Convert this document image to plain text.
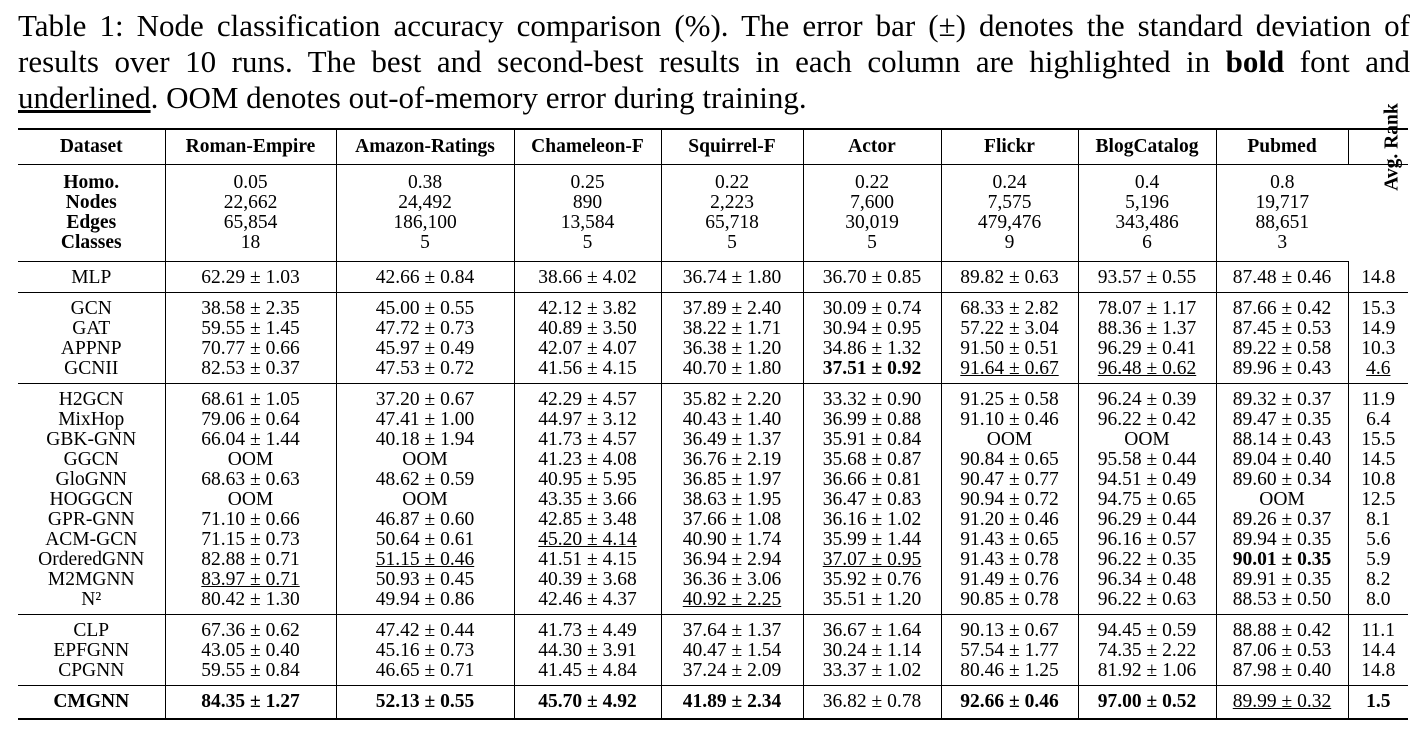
Table 1: Node classification accuracy comparison (%). The error bar (±) denotes the standard deviation of results over 10 runs. The best and second-best results in each column are highlighted in bold font and underlined. OOM denotes out-of-memory error during training.
Dataset	Roman-Empire	Amazon-Ratings	Chameleon-F	Squirrel-F	Actor	Flickr	BlogCatalog	Pubmed	Avg. Rank
Homo.	0.05	0.38	0.25	0.22	0.22	0.24	0.4	0.8	
Nodes	22,662	24,492	890	2,223	7,600	7,575	5,196	19,717	
Edges	65,854	186,100	13,584	65,718	30,019	479,476	343,486	88,651	
Classes	18	5	5	5	5	9	6	3	
MLP	62.29 ± 1.03	42.66 ± 0.84	38.66 ± 4.02	36.74 ± 1.80	36.70 ± 0.85	89.82 ± 0.63	93.57 ± 0.55	87.48 ± 0.46	14.8
GCN	38.58 ± 2.35	45.00 ± 0.55	42.12 ± 3.82	37.89 ± 2.40	30.09 ± 0.74	68.33 ± 2.82	78.07 ± 1.17	87.66 ± 0.42	15.3
GAT	59.55 ± 1.45	47.72 ± 0.73	40.89 ± 3.50	38.22 ± 1.71	30.94 ± 0.95	57.22 ± 3.04	88.36 ± 1.37	87.45 ± 0.53	14.9
APPNP	70.77 ± 0.66	45.97 ± 0.49	42.07 ± 4.07	36.38 ± 1.20	34.86 ± 1.32	91.50 ± 0.51	96.29 ± 0.41	89.22 ± 0.58	10.3
GCNII	82.53 ± 0.37	47.53 ± 0.72	41.56 ± 4.15	40.70 ± 1.80	37.51 ± 0.92	91.64 ± 0.67	96.48 ± 0.62	89.96 ± 0.43	4.6
H2GCN	68.61 ± 1.05	37.20 ± 0.67	42.29 ± 4.57	35.82 ± 2.20	33.32 ± 0.90	91.25 ± 0.58	96.24 ± 0.39	89.32 ± 0.37	11.9
MixHop	79.06 ± 0.64	47.41 ± 1.00	44.97 ± 3.12	40.43 ± 1.40	36.99 ± 0.88	91.10 ± 0.46	96.22 ± 0.42	89.47 ± 0.35	6.4
GBK-GNN	66.04 ± 1.44	40.18 ± 1.94	41.73 ± 4.57	36.49 ± 1.37	35.91 ± 0.84	OOM	OOM	88.14 ± 0.43	15.5
GGCN	OOM	OOM	41.23 ± 4.08	36.76 ± 2.19	35.68 ± 0.87	90.84 ± 0.65	95.58 ± 0.44	89.04 ± 0.40	14.5
GloGNN	68.63 ± 0.63	48.62 ± 0.59	40.95 ± 5.95	36.85 ± 1.97	36.66 ± 0.81	90.47 ± 0.77	94.51 ± 0.49	89.60 ± 0.34	10.8
HOGGCN	OOM	OOM	43.35 ± 3.66	38.63 ± 1.95	36.47 ± 0.83	90.94 ± 0.72	94.75 ± 0.65	OOM	12.5
GPR-GNN	71.10 ± 0.66	46.87 ± 0.60	42.85 ± 3.48	37.66 ± 1.08	36.16 ± 1.02	91.20 ± 0.46	96.29 ± 0.44	89.26 ± 0.37	8.1
ACM-GCN	71.15 ± 0.73	50.64 ± 0.61	45.20 ± 4.14	40.90 ± 1.74	35.99 ± 1.44	91.43 ± 0.65	96.16 ± 0.57	89.94 ± 0.35	5.6
OrderedGNN	82.88 ± 0.71	51.15 ± 0.46	41.51 ± 4.15	36.94 ± 2.94	37.07 ± 0.95	91.43 ± 0.78	96.22 ± 0.35	90.01 ± 0.35	5.9
M2MGNN	83.97 ± 0.71	50.93 ± 0.45	40.39 ± 3.68	36.36 ± 3.06	35.92 ± 0.76	91.49 ± 0.76	96.34 ± 0.48	89.91 ± 0.35	8.2
N²	80.42 ± 1.30	49.94 ± 0.86	42.46 ± 4.37	40.92 ± 2.25	35.51 ± 1.20	90.85 ± 0.78	96.22 ± 0.63	88.53 ± 0.50	8.0
CLP	67.36 ± 0.62	47.42 ± 0.44	41.73 ± 4.49	37.64 ± 1.37	36.67 ± 1.64	90.13 ± 0.67	94.45 ± 0.59	88.88 ± 0.42	11.1
EPFGNN	43.05 ± 0.40	45.16 ± 0.73	44.30 ± 3.91	40.47 ± 1.54	30.24 ± 1.14	57.54 ± 1.77	74.35 ± 2.22	87.06 ± 0.53	14.4
CPGNN	59.55 ± 0.84	46.65 ± 0.71	41.45 ± 4.84	37.24 ± 2.09	33.37 ± 1.02	80.46 ± 1.25	81.92 ± 1.06	87.98 ± 0.40	14.8
CMGNN	84.35 ± 1.27	52.13 ± 0.55	45.70 ± 4.92	41.89 ± 2.34	36.82 ± 0.78	92.66 ± 0.46	97.00 ± 0.52	89.99 ± 0.32	1.5
